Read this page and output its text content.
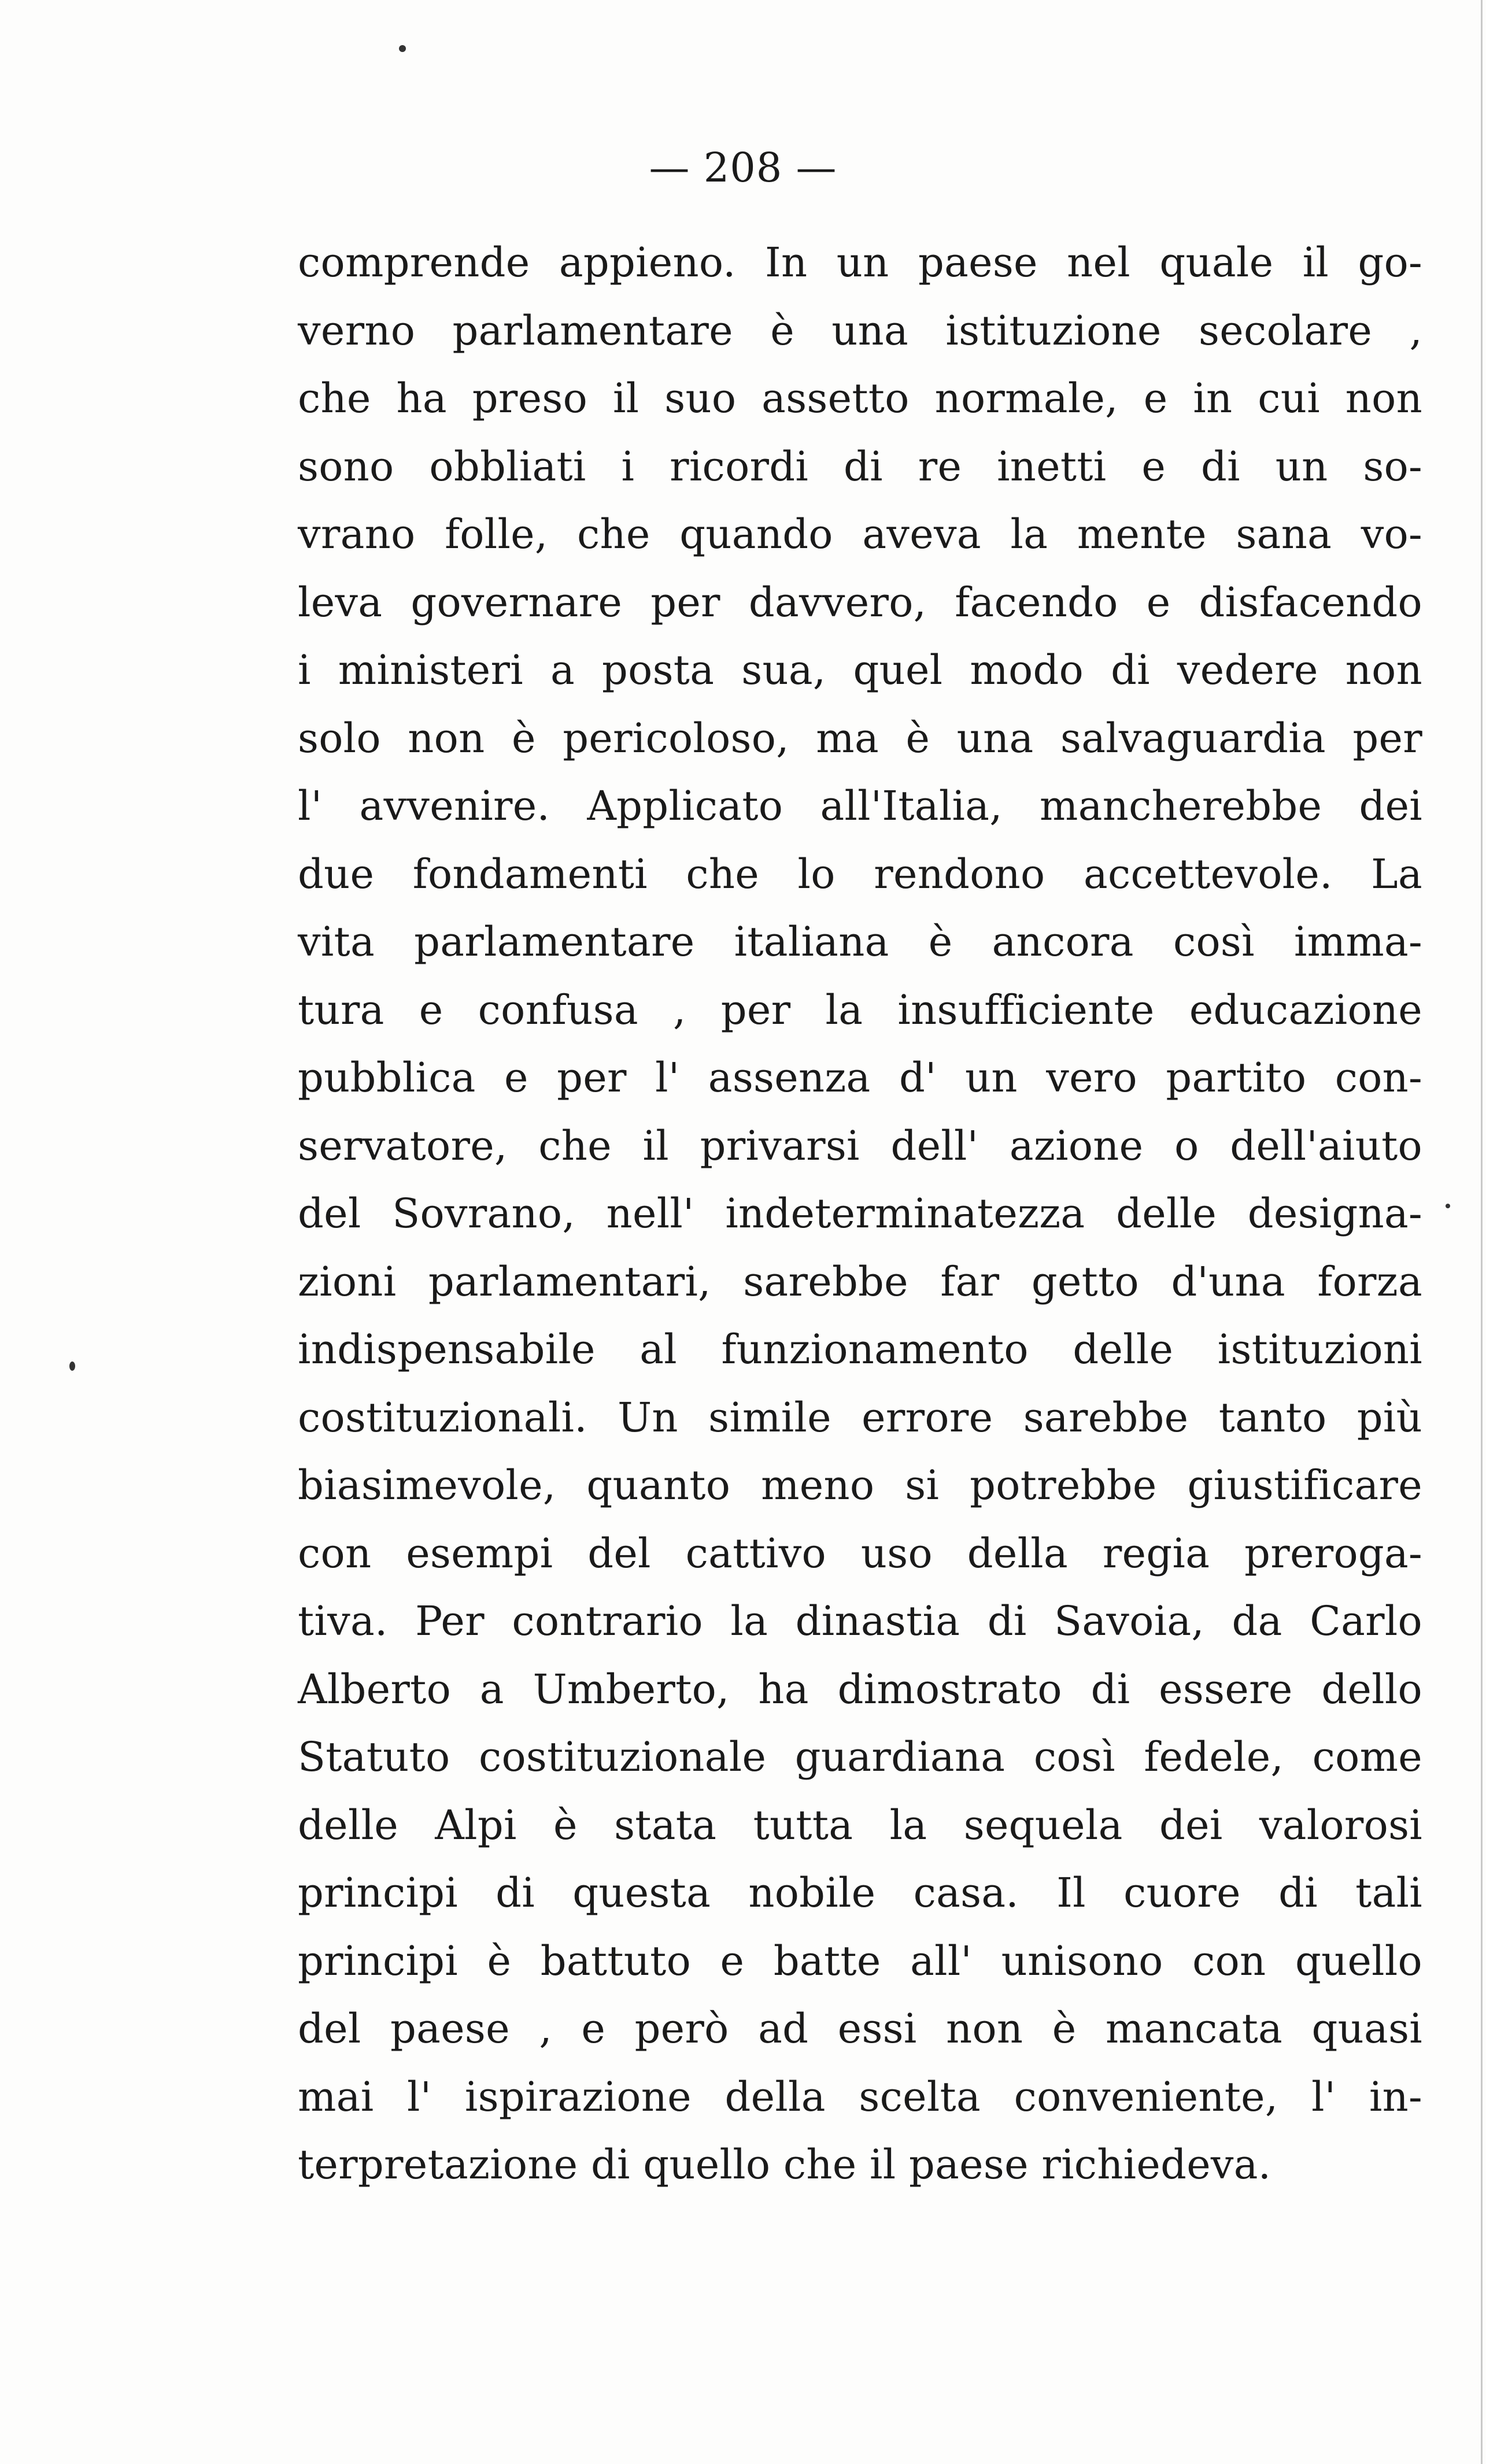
— 208 —
comprende appieno. In un paese nel quale il go-
verno parlamentare è una istituzione secolare ,
che ha preso il suo assetto normale, e in cui non
sono obbliati i ricordi di re inetti e di un so-
vrano folle, che quando aveva la mente sana vo-
leva governare per davvero, facendo e disfacendo
i ministeri a posta sua, quel modo di vedere non
solo non è pericoloso, ma è una salvaguardia per
l' avvenire. Applicato all'Italia, mancherebbe dei
due fondamenti che lo rendono accettevole. La
vita parlamentare italiana è ancora così imma-
tura e confusa , per la insufficiente educazione
pubblica e per l' assenza d' un vero partito con-
servatore, che il privarsi dell' azione o dell'aiuto
del Sovrano, nell' indeterminatezza delle designa-
zioni parlamentari, sarebbe far getto d'una forza
indispensabile al funzionamento delle istituzioni
costituzionali. Un simile errore sarebbe tanto più
biasimevole, quanto meno si potrebbe giustificare
con esempi del cattivo uso della regia preroga-
tiva. Per contrario la dinastia di Savoia, da Carlo
Alberto a Umberto, ha dimostrato di essere dello
Statuto costituzionale guardiana così fedele, come
delle Alpi è stata tutta la sequela dei valorosi
principi di questa nobile casa. Il cuore di tali
principi è battuto e batte all' unisono con quello
del paese , e però ad essi non è mancata quasi
mai l' ispirazione della scelta conveniente, l' in-
terpretazione di quello che il paese richiedeva.
